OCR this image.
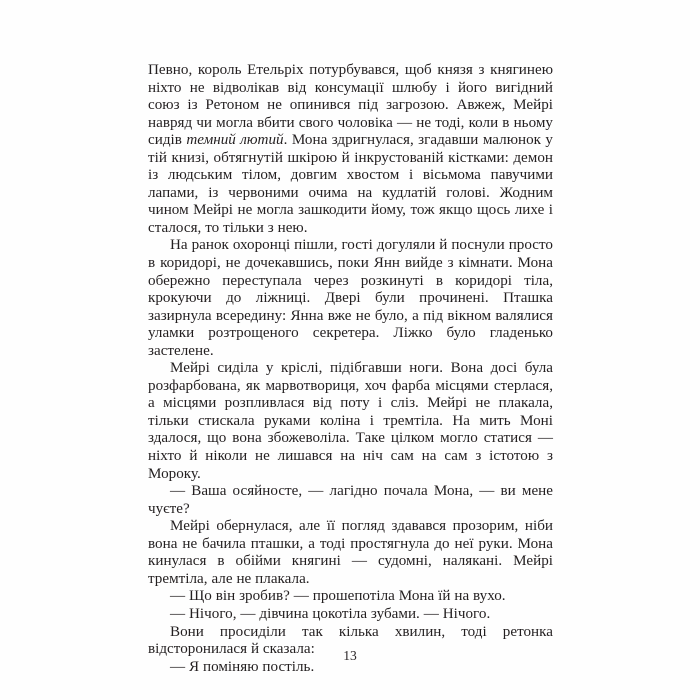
Певно, король Етельріх потурбувався, щоб князя з княгинею ніхто не відволікав від консумації шлюбу і його вигідний союз із Ретоном не опинився під загрозою. Авжеж, Мейрі навряд чи могла вбити свого чоловіка — не тоді, коли в ньому сидів темний лютий. Мона здригнулася, згадавши малюнок у тій книзі, обтягнутій шкірою й інкрустованій кістками: демон із людським тілом, довгим хвостом і вісьмома павучими лапами, із червоними очима на кудлатій голові. Жодним чином Мейрі не могла зашкодити йому, тож якщо щось лихе і сталося, то тільки з нею.

На ранок охоронці пішли, гості догуляли й поснули просто в коридорі, не дочекавшись, поки Янн вийде з кімнати. Мона обережно переступала через розкинуті в коридорі тіла, крокуючи до ліжниці. Двері були прочинені. Пташка зазирнула всередину: Янна вже не було, а під вікном валялися уламки розтрощеного секретера. Ліжко було гладенько застелене.

Мейрі сиділа у кріслі, підібгавши ноги. Вона досі була розфарбована, як марвотвориця, хоч фарба місцями стерлася, а місцями розпливлася від поту і сліз. Мейрі не плакала, тільки стискала руками коліна і тремтіла. На мить Моні здалося, що вона збожеволіла. Таке цілком могло статися — ніхто й ніколи не лишався на ніч сам на сам з істотою з Мороку.

— Ваша осяйносте, — лагідно почала Мона, — ви мене чуєте?

Мейрі обернулася, але її погляд здавався прозорим, ніби вона не бачила пташки, а тоді простягнула до неї руки. Мона кинулася в обійми княгині — судомні, налякані. Мейрі тремтіла, але не плакала.

— Що він зробив? — прошепотіла Мона їй на вухо.

— Нічого, — дівчина цокотіла зубами. — Нічого.

Вони просиділи так кілька хвилин, тоді ретонка відсторонилася й сказала:

— Я поміняю постіль.

13
